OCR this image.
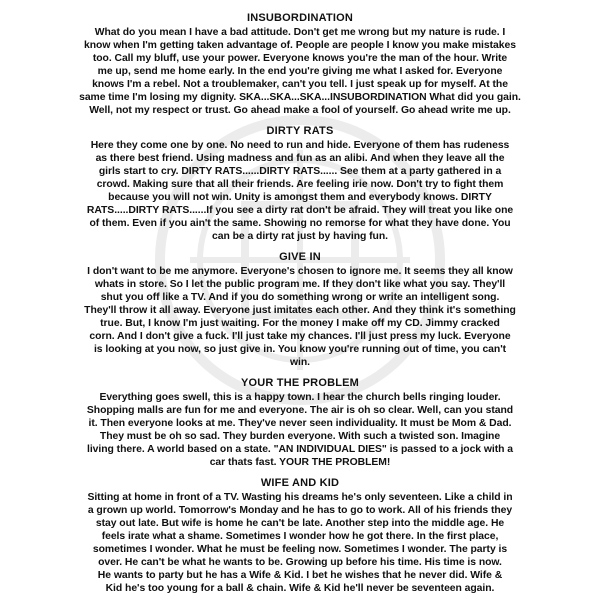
INSUBORDINATION
What do you mean I have a bad attitude. Don't get me wrong but my nature is rude. I
know when I'm getting taken advantage of. People are people I know you make mistakes
too. Call my bluff, use your power. Everyone knows you're the man of the hour. Write
me up, send me home early. In the end you're giving me what I asked for. Everyone
knows I'm a rebel. Not a troublemaker, can't you tell. I just speak up for myself. At the
same time I'm losing my dignity. SKA...SKA...SKA...INSUBORDINATION What did you gain.
Well, not my respect or trust. Go ahead make a fool of yourself. Go ahead write me up.
DIRTY RATS
Here they come one by one. No need to run and hide. Everyone of them has rudeness
as there best friend. Using madness and fun as an alibi. And when they leave all the
girls start to cry. DIRTY RATS......DIRTY RATS...... See them at a party gathered in a
crowd. Making sure that all their friends. Are feeling irie now. Don't try to fight them
because you will not win. Unity is amongst them and everybody knows. DIRTY
RATS.....DIRTY RATS......If you see a dirty rat don't be afraid. They will treat you like one
of them. Even if you ain't the same. Showing no remorse for what they have done. You
can be a dirty rat just by having fun.
GIVE IN
I don't want to be me anymore. Everyone's chosen to ignore me. It seems they all know
whats in store. So I let the public program me. If they don't like what you say. They'll
shut you off like a TV. And if you do something wrong or write an intelligent song.
They'll throw it all away. Everyone just imitates each other. And they think it's something
true. But, I know I'm just waiting. For the money I make off my CD. Jimmy cracked
corn. And I don't give a fuck. I'll just take my chances. I'll just press my luck. Everyone
is looking at you now, so just give in. You know you're running out of time, you can't
win.
YOUR THE PROBLEM
Everything goes swell, this is a happy town. I hear the church bells ringing louder.
Shopping malls are fun for me and everyone. The air is oh so clear. Well, can you stand
it. Then everyone looks at me. They've never seen individuality. It must be Mom & Dad.
They must be oh so sad. They burden everyone. With such a twisted son. Imagine
living there. A world based on a state. "AN INDIVIDUAL DIES" is passed to a jock with a
car thats fast. YOUR THE PROBLEM!
WIFE AND KID
Sitting at home in front of a TV. Wasting his dreams he's only seventeen. Like a child in
a grown up world. Tomorrow's Monday and he has to go to work. All of his friends they
stay out late. But wife is home he can't be late. Another step into the middle age. He
feels irate what a shame. Sometimes I wonder how he got there. In the first place,
sometimes I wonder. What he must be feeling now. Sometimes I wonder. The party is
over. He can't be what he wants to be. Growing up before his time. His time is now.
He wants to party but he has a Wife & Kid. I bet he wishes that he never did. Wife &
Kid he's too young for a ball & chain. Wife & Kid he'll never be seventeen again.
